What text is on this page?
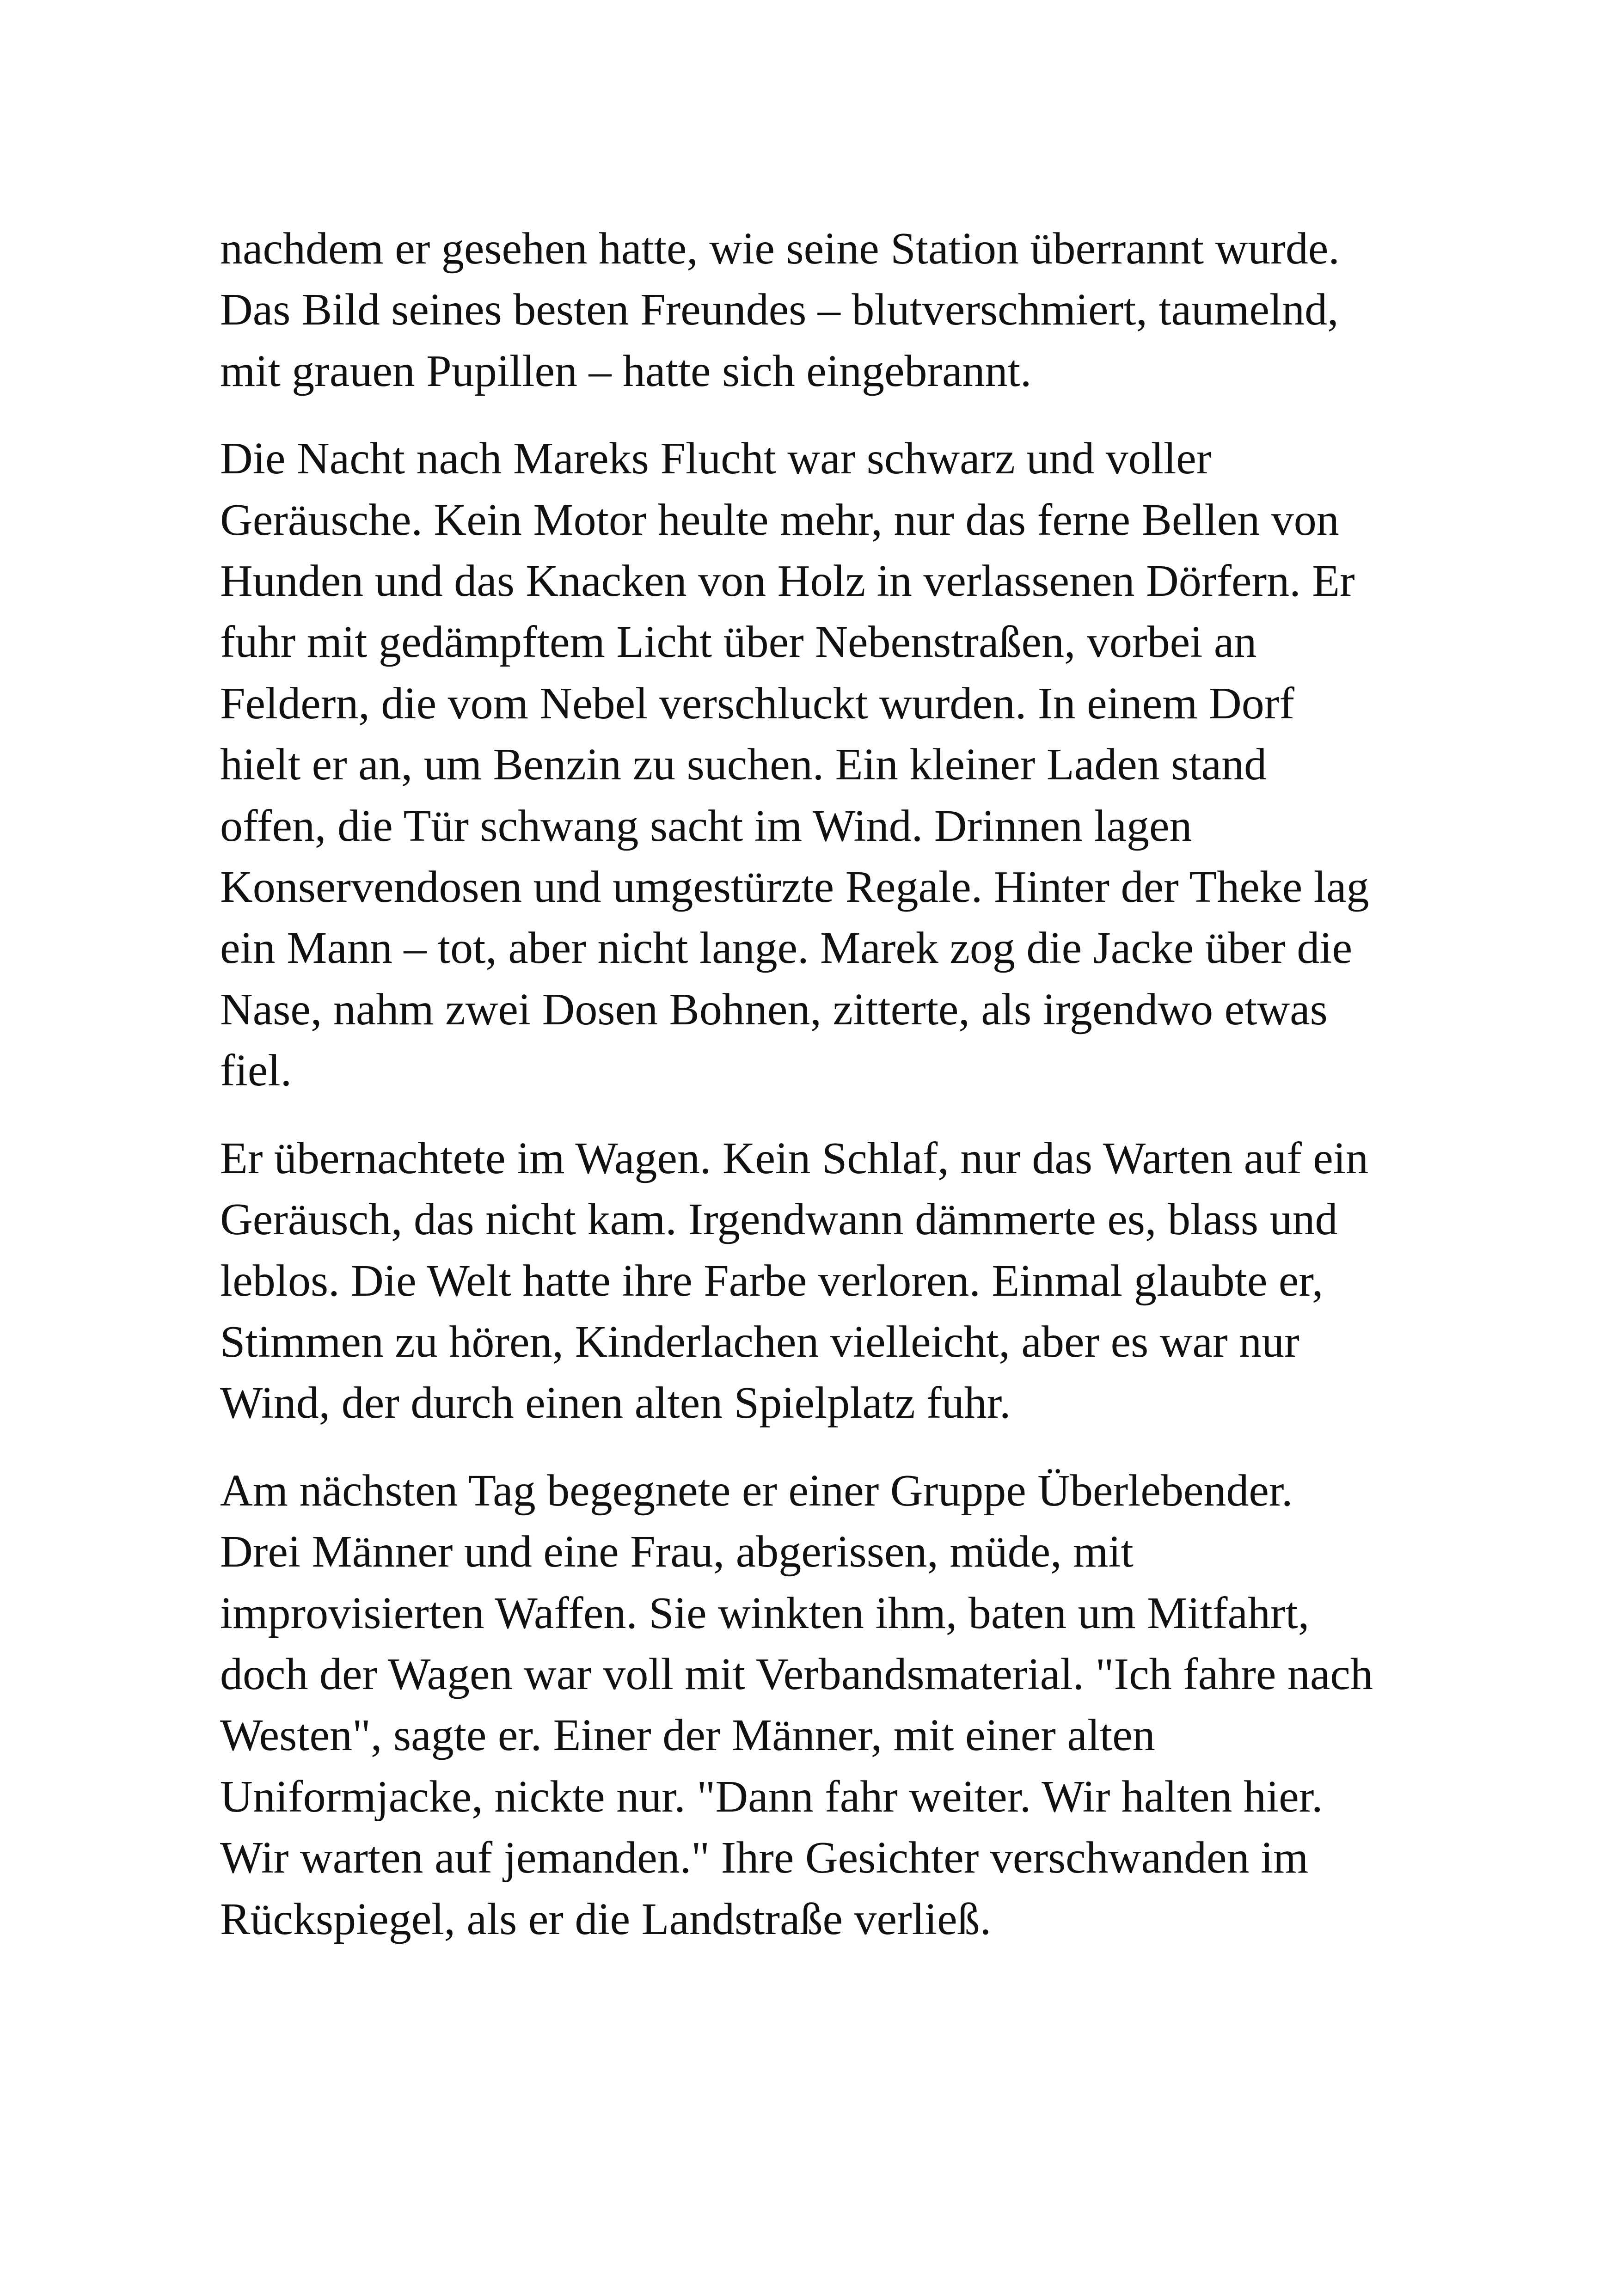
nachdem er gesehen hatte, wie seine Station überrannt wurde.
Das Bild seines besten Freundes – blutverschmiert, taumelnd,
mit grauen Pupillen – hatte sich eingebrannt.

Die Nacht nach Mareks Flucht war schwarz und voller
Geräusche. Kein Motor heulte mehr, nur das ferne Bellen von
Hunden und das Knacken von Holz in verlassenen Dörfern. Er
fuhr mit gedämpftem Licht über Nebenstraßen, vorbei an
Feldern, die vom Nebel verschluckt wurden. In einem Dorf
hielt er an, um Benzin zu suchen. Ein kleiner Laden stand
offen, die Tür schwang sacht im Wind. Drinnen lagen
Konservendosen und umgestürzte Regale. Hinter der Theke lag
ein Mann – tot, aber nicht lange. Marek zog die Jacke über die
Nase, nahm zwei Dosen Bohnen, zitterte, als irgendwo etwas
fiel.

Er übernachtete im Wagen. Kein Schlaf, nur das Warten auf ein
Geräusch, das nicht kam. Irgendwann dämmerte es, blass und
leblos. Die Welt hatte ihre Farbe verloren. Einmal glaubte er,
Stimmen zu hören, Kinderlachen vielleicht, aber es war nur
Wind, der durch einen alten Spielplatz fuhr.

Am nächsten Tag begegnete er einer Gruppe Überlebender.
Drei Männer und eine Frau, abgerissen, müde, mit
improvisierten Waffen. Sie winkten ihm, baten um Mitfahrt,
doch der Wagen war voll mit Verbandsmaterial. "Ich fahre nach
Westen", sagte er. Einer der Männer, mit einer alten
Uniformjacke, nickte nur. "Dann fahr weiter. Wir halten hier.
Wir warten auf jemanden." Ihre Gesichter verschwanden im
Rückspiegel, als er die Landstraße verließ.
